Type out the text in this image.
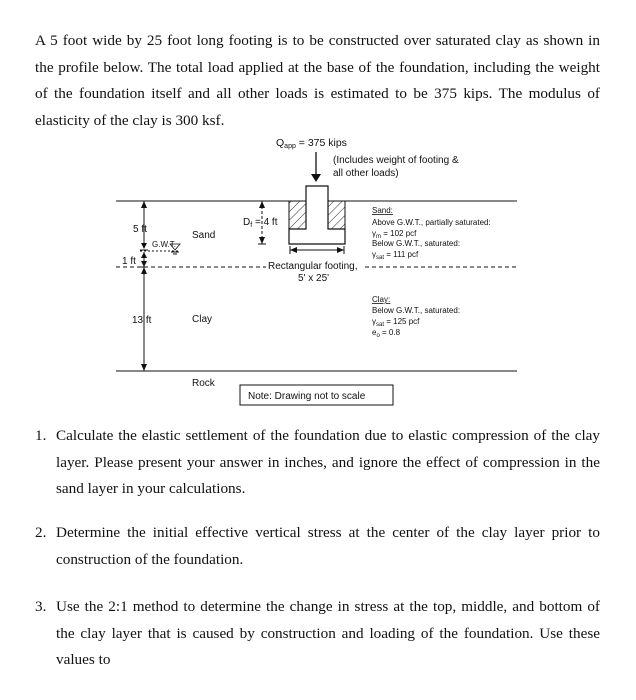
A 5 foot wide by 25 foot long footing is to be constructed over saturated clay as shown in the profile below. The total load applied at the base of the foundation, including the weight of the foundation itself and all other loads is estimated to be 375 kips. The modulus of elasticity of the clay is 300 ksf.
Qapp = 375 kips
(Includes weight of footing &
all other loads)
$D_f = 4$ ft
Rectangular footing,
5' x 25'
5 ft
G.W.T.
1 ft
13 ft
Sand
Clay
Rock
Sand:
Above G.W.T., partially saturated:
$\gamma_m = 102$ pcf
Below G.W.T., saturated:
$\gamma_{sat} = 111$ pcf
Clay:
Below G.W.T., saturated:
$\gamma_{sat} = 125$ pcf
$e_o = 0.8$
Note: Drawing not to scale
1. Calculate the elastic settlement of the foundation due to elastic compression of the clay layer. Please present your answer in inches, and ignore the effect of compression in the sand layer in your calculations.
2. Determine the initial effective vertical stress at the center of the clay layer prior to construction of the foundation.
3. Use the 2:1 method to determine the change in stress at the top, middle, and bottom of the clay layer that is caused by construction and loading of the foundation. Use these values to
